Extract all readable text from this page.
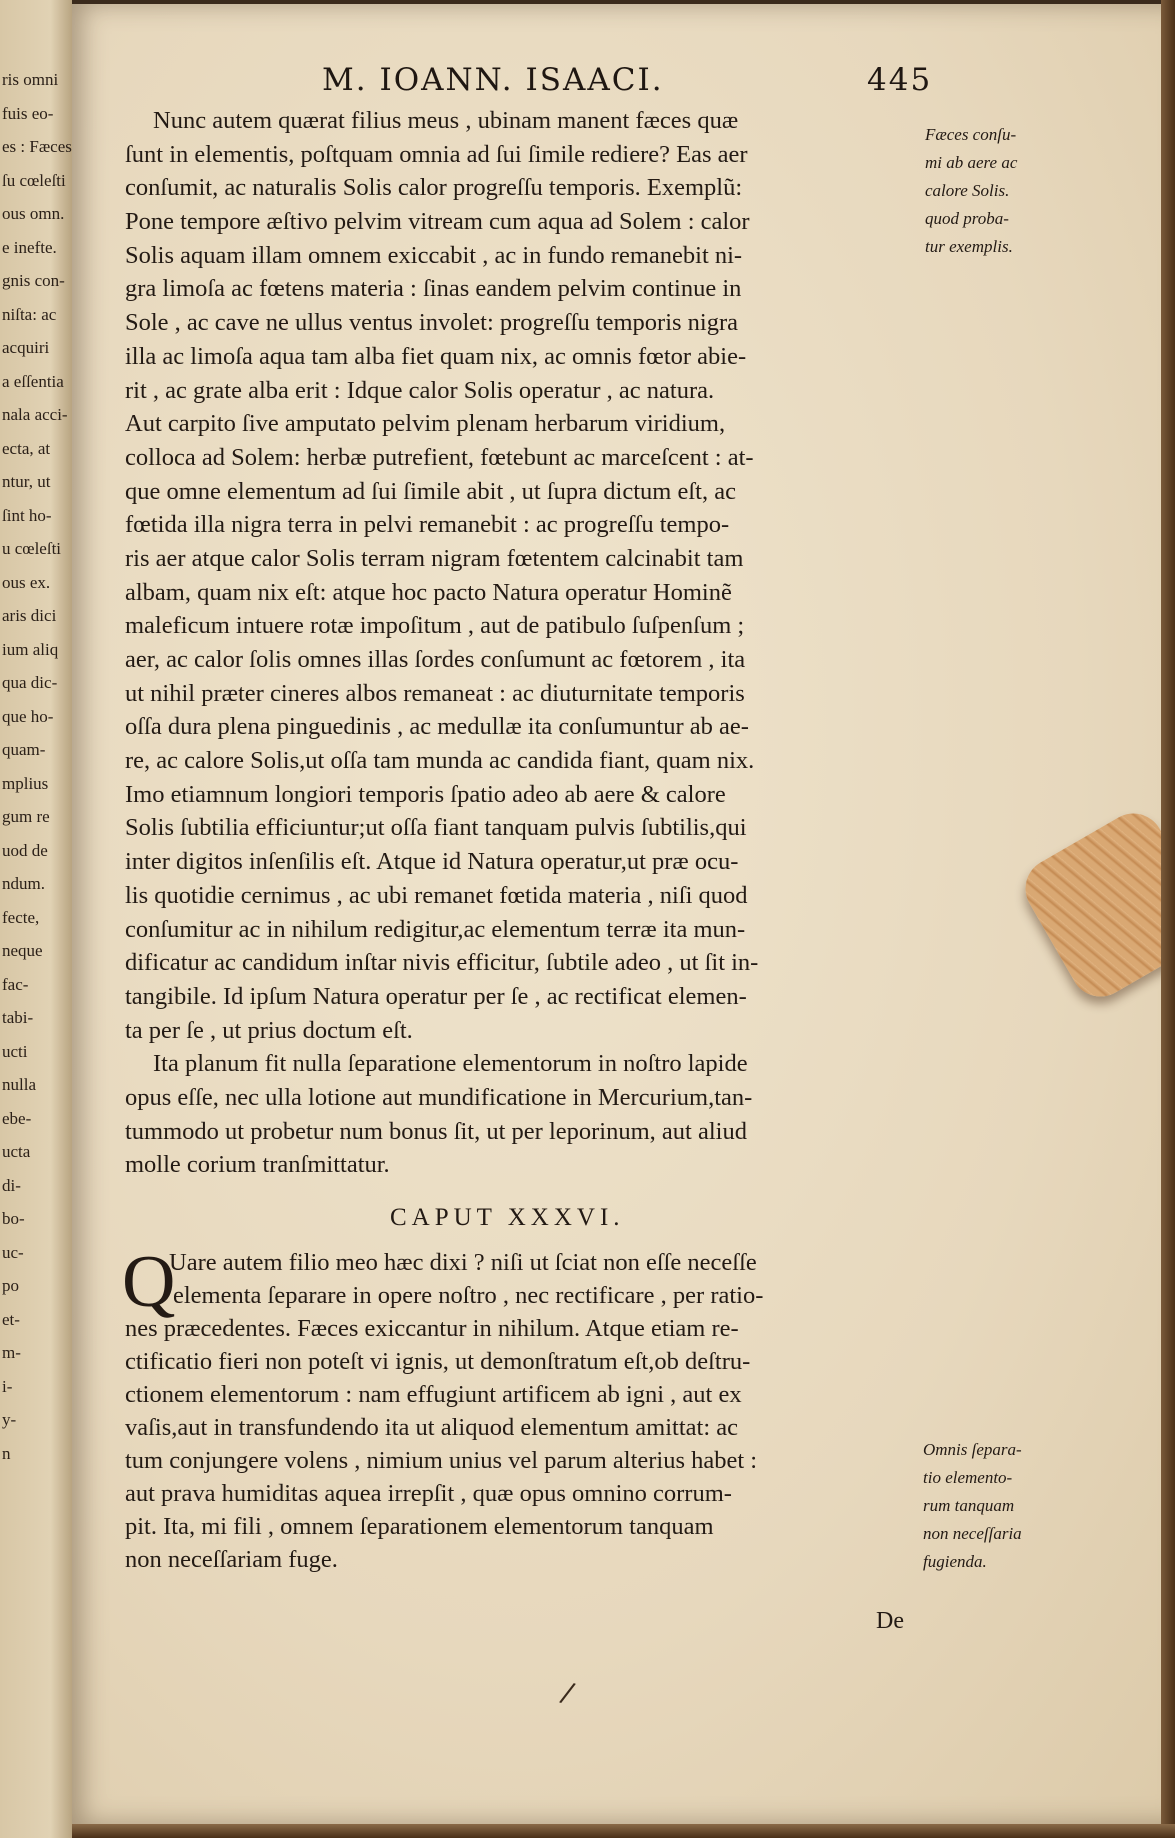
ris omni
fuis eo-
es : Fæces
ſu cœleſti
ous omn.
e inefte.
gnis con-
niſta: ac
acquiri
a eſſentia
nala acci-
ecta, at
ntur, ut
ſint ho-
u cœleſti
ous ex.
aris dici
ium aliq
qua dic-
que ho-
quam-
mplius
gum re
uod de
ndum.
fecte,
neque
fac-
tabi-
ucti
nulla
ebe-
ucta
di-
bo-
uc-
po
et-
m-
i-
y-
n
M. IOANN. ISAACI.	445
Nunc autem quærat filius meus , ubinam manent fæces quæ
ſunt in elementis, poſtquam omnia ad ſui ſimile rediere? Eas aer
conſumit, ac naturalis Solis calor progreſſu temporis. Exemplũ:
Pone tempore æſtivo pelvim vitream cum aqua ad Solem : calor
Solis aquam illam omnem exiccabit , ac in fundo remanebit ni-
gra limoſa ac fœtens materia : ſinas eandem pelvim continue in
Sole , ac cave ne ullus ventus involet: progreſſu temporis nigra
illa ac limoſa aqua tam alba fiet quam nix, ac omnis fœtor abie-
rit , ac grate alba erit : Idque calor Solis operatur , ac natura.
Aut carpito ſive amputato pelvim plenam herbarum viridium,
colloca ad Solem: herbæ putrefient, fœtebunt ac marceſcent : at-
que omne elementum ad ſui ſimile abit , ut ſupra dictum eſt, ac
fœtida illa nigra terra in pelvi remanebit : ac progreſſu tempo-
ris aer atque calor Solis terram nigram fœtentem calcinabit tam
albam, quam nix eſt: atque hoc pacto Natura operatur Hominẽ
maleficum intuere rotæ impoſitum , aut de patibulo ſuſpenſum ;
aer, ac calor ſolis omnes illas ſordes conſumunt ac fœtorem , ita
ut nihil præter cineres albos remaneat : ac diuturnitate temporis
oſſa dura plena pinguedinis , ac medullæ ita conſumuntur ab ae-
re, ac calore Solis,ut oſſa tam munda ac candida fiant, quam nix.
Imo etiamnum longiori temporis ſpatio adeo ab aere & calore
Solis ſubtilia efficiuntur;ut oſſa fiant tanquam pulvis ſubtilis,qui
inter digitos inſenſilis eſt. Atque id Natura operatur,ut præ ocu-
lis quotidie cernimus , ac ubi remanet fœtida materia , niſi quod
conſumitur ac in nihilum redigitur,ac elementum terræ ita mun-
dificatur ac candidum inſtar nivis efficitur, ſubtile adeo , ut ſit in-
tangibile. Id ipſum Natura operatur per ſe , ac rectificat elemen-
ta per ſe , ut prius doctum eſt.
Ita planum fit nulla ſeparatione elementorum in noſtro lapide
opus eſſe, nec ulla lotione aut mundificatione in Mercurium,tan-
tummodo ut probetur num bonus ſit, ut per leporinum, aut aliud
molle corium tranſmittatur.
Fæces conſu-
mi ab aere ac
calore Solis.
quod proba-
tur exemplis.
CAPUT XXXVI.
Q
Uare autem filio meo hæc dixi ? niſi ut ſciat non eſſe neceſſe
elementa ſeparare in opere noſtro , nec rectificare , per ratio-
nes præcedentes. Fæces exiccantur in nihilum. Atque etiam re-
ctificatio fieri non poteſt vi ignis, ut demonſtratum eſt,ob deſtru-
ctionem elementorum : nam effugiunt artificem ab igni , aut ex
vaſis,aut in transfundendo ita ut aliquod elementum amittat: ac
tum conjungere volens , nimium unius vel parum alterius habet :
aut prava humiditas aquea irrepſit , quæ opus omnino corrum-
pit. Ita, mi fili , omnem ſeparationem elementorum tanquam
non neceſſariam fuge.
Omnis ſepara-
tio elemento-
rum tanquam
non neceſſaria
fugienda.
De
/
